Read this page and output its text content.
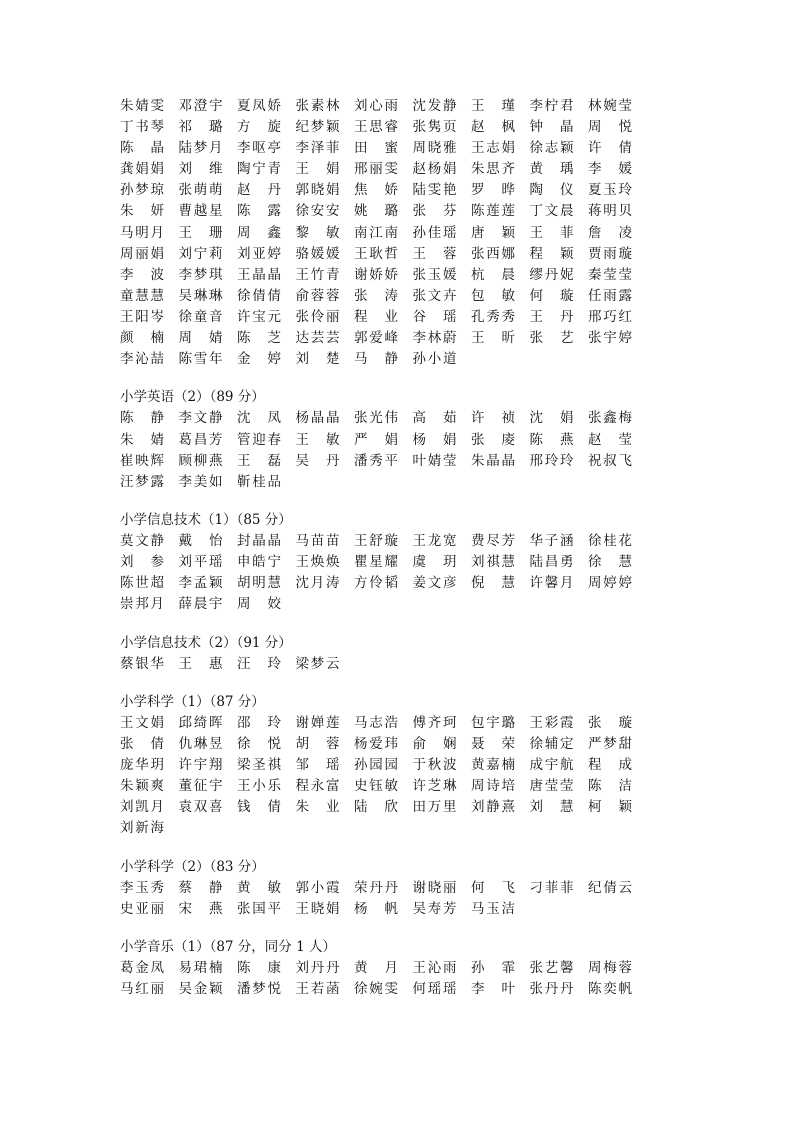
朱婧雯 邓澄宇 夏凤娇 张素林 刘心雨 沈发静 王瑾 李柠君 林婉莹
丁书琴 祁璐 方旋 纪梦颖 王思睿 张隽页 赵枫 钟晶 周悦
陈晶 陆梦月 李呕亭 李泽菲 田蜜 周晓雅 王志娟 徐志颖 许倩
龚娟娟 刘维 陶宁青 王娟 邢丽雯 赵杨娟 朱思齐 黄瑀 李媛
孙梦琼 张萌萌 赵丹 郭晓娟 焦娇 陆雯艳 罗晔 陶仪 夏玉玲
朱妍 曹越星 陈露 徐安安 姚璐 张芬 陈莲莲 丁文晨 蒋明贝
马明月 王珊 周鑫 黎敏 南江南 孙佳瑶 唐颖 王菲 詹凌
周丽娟 刘宁莉 刘亚婷 骆媛媛 王耿哲 王蓉 张西娜 程颖 贾雨璇
李波 李梦琪 王晶晶 王竹青 谢娇娇 张玉媛 杭晨 缪丹妮 秦莹莹
童慧慧 吴琳琳 徐倩倩 俞蓉蓉 张涛 张文卉 包敏 何璇 任雨露
王阳岑 徐童音 许宝元 张伶丽 程业 谷瑶 孔秀秀 王丹 邢巧红
颜楠 周婧 陈芝 达芸芸 郭爱峰 李林蔚 王昕 张艺 张宇婷
李沁喆 陈雪年 金婷 刘楚 马静 孙小道
小学英语（2）（89 分）
陈静 李文静 沈凤 杨晶晶 张光伟 高茹 许祯 沈娟 张鑫梅
朱婧 葛昌芳 管迎春 王敏 严娟 杨娟 张庱 陈燕 赵莹
崔映辉 顾柳燕 王磊 吴丹 潘秀平 叶婧莹 朱晶晶 邢玲玲 祝叔飞
汪梦露 李美如 靳桂品
小学信息技术（1）（85 分）
莫文静 戴怡 封晶晶 马苗苗 王舒璇 王龙宽 费尽芳 华子涵 徐桂花
刘参 刘平瑶 申皓宁 王焕焕 瞿星耀 虞玥 刘祺慧 陆昌勇 徐慧
陈世超 李孟颖 胡明慧 沈月涛 方伶韬 姜文彦 倪慧 许馨月 周婷婷
崇邦月 薛晨宇 周姣
小学信息技术（2）（91 分）
蔡银华 王惠 汪玲 梁梦云
小学科学（1）（87 分）
王文娟 邱绮晖 邵玲 谢婵莲 马志浩 傅齐珂 包宇璐 王彩霞 张璇
张倩 仇琳昱 徐悦 胡蓉 杨爱玮 俞娴 聂荣 徐辅定 严梦甜
庞华玥 许宇翔 梁圣祺 邹瑶 孙园园 于秋波 黄嘉楠 成宇航 程成
朱颖爽 董征宇 王小乐 程永富 史钰敏 许芝琳 周诗培 唐莹莹 陈洁
刘凯月 袁双喜 钱倩 朱业 陆欣 田万里 刘静熹 刘慧 柯颖
刘新海
小学科学（2）（83 分）
李玉秀 蔡静 黄敏 郭小霞 荣丹丹 谢晓丽 何飞 刁菲菲 纪倩云
史亚丽 宋燕 张国平 王晓娟 杨帆 吴寿芳 马玉洁
小学音乐（1）（87 分，同分 1 人）
葛金凤 易珺楠 陈康 刘丹丹 黄月 王沁雨 孙霏 张艺馨 周梅蓉
马红丽 吴金颖 潘梦悦 王若菡 徐婉雯 何瑶瑶 李叶 张丹丹 陈奕帆
